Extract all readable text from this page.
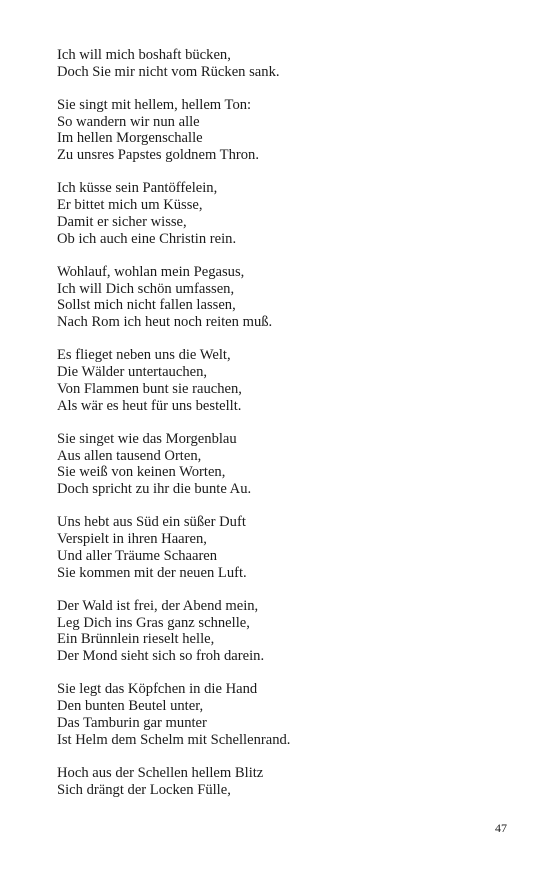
Ich will mich boshaft bücken,
Doch Sie mir nicht vom Rücken sank.
Sie singt mit hellem, hellem Ton:
So wandern wir nun alle
Im hellen Morgenschalle
Zu unsres Papstes goldnem Thron.
Ich küsse sein Pantöffelein,
Er bittet mich um Küsse,
Damit er sicher wisse,
Ob ich auch eine Christin rein.
Wohlauf, wohlan mein Pegasus,
Ich will Dich schön umfassen,
Sollst mich nicht fallen lassen,
Nach Rom ich heut noch reiten muß.
Es flieget neben uns die Welt,
Die Wälder untertauchen,
Von Flammen bunt sie rauchen,
Als wär es heut für uns bestellt.
Sie singet wie das Morgenblau
Aus allen tausend Orten,
Sie weiß von keinen Worten,
Doch spricht zu ihr die bunte Au.
Uns hebt aus Süd ein süßer Duft
Verspielt in ihren Haaren,
Und aller Träume Schaaren
Sie kommen mit der neuen Luft.
Der Wald ist frei, der Abend mein,
Leg Dich ins Gras ganz schnelle,
Ein Brünnlein rieselt helle,
Der Mond sieht sich so froh darein.
Sie legt das Köpfchen in die Hand
Den bunten Beutel unter,
Das Tamburin gar munter
Ist Helm dem Schelm mit Schellenrand.
Hoch aus der Schellen hellem Blitz
Sich drängt der Locken Fülle,
47
